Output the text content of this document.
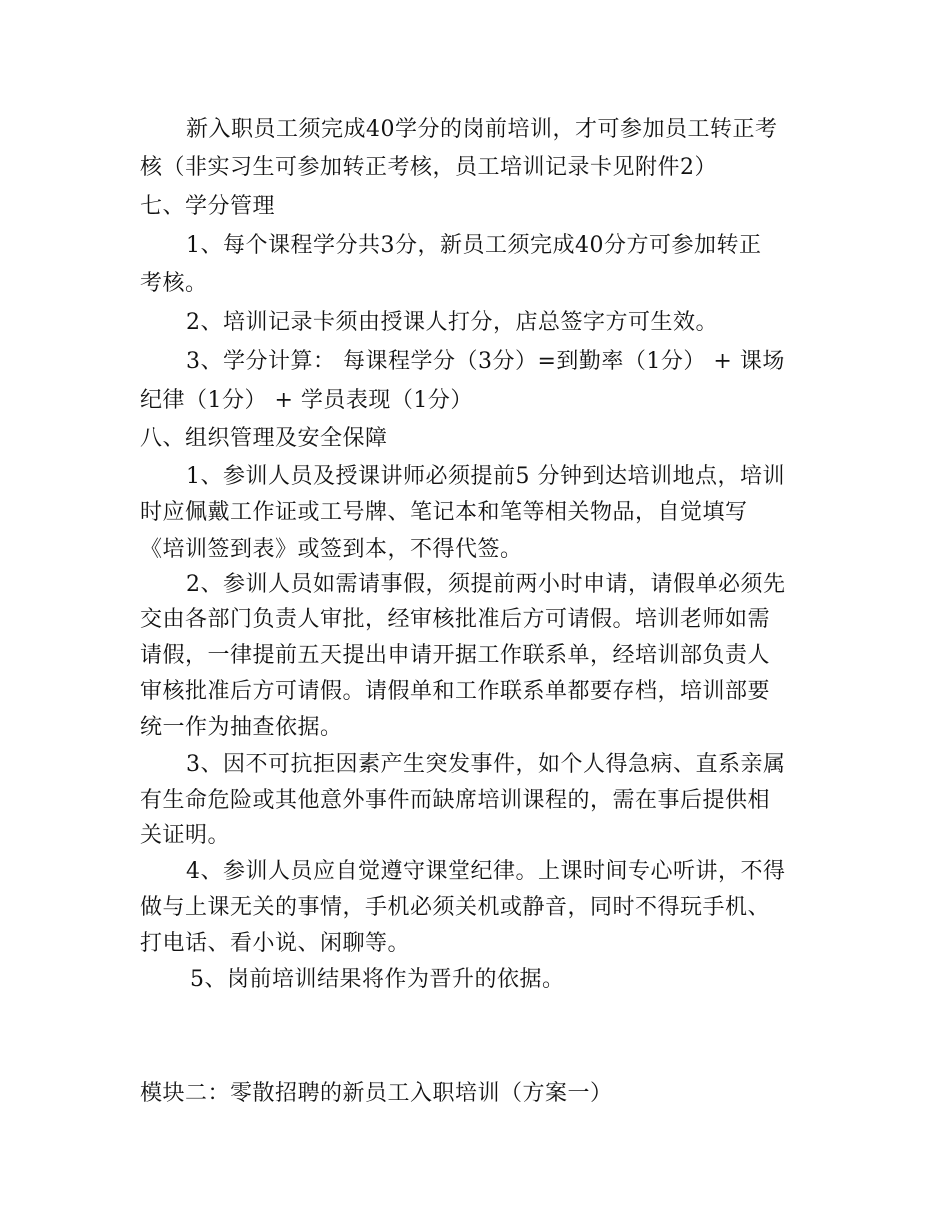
新入职员工须完成40学分的岗前培训，才可参加员工转正考
核（非实习生可参加转正考核，员工培训记录卡见附件2）
七、学分管理
1、每个课程学分共3分，新员工须完成40分方可参加转正
考核。
2、培训记录卡须由授课人打分，店总签字方可生效。
3、学分计算： 每课程学分（3分）=到勤率（1分） + 课场
纪律（1分） + 学员表现（1分）
八、组织管理及安全保障
1、参训人员及授课讲师必须提前5 分钟到达培训地点，培训
时应佩戴工作证或工号牌、笔记本和笔等相关物品，自觉填写
《培训签到表》或签到本，不得代签。
2、参训人员如需请事假，须提前两小时申请，请假单必须先
交由各部门负责人审批，经审核批准后方可请假。培训老师如需
请假，一律提前五天提出申请开据工作联系单，经培训部负责人
审核批准后方可请假。请假单和工作联系单都要存档，培训部要
统一作为抽查依据。
3、因不可抗拒因素产生突发事件，如个人得急病、直系亲属
有生命危险或其他意外事件而缺席培训课程的，需在事后提供相
关证明。
4、参训人员应自觉遵守课堂纪律。上课时间专心听讲，不得
做与上课无关的事情，手机必须关机或静音，同时不得玩手机、
打电话、看小说、闲聊等。
5、岗前培训结果将作为晋升的依据。
模块二：零散招聘的新员工入职培训（方案一）
